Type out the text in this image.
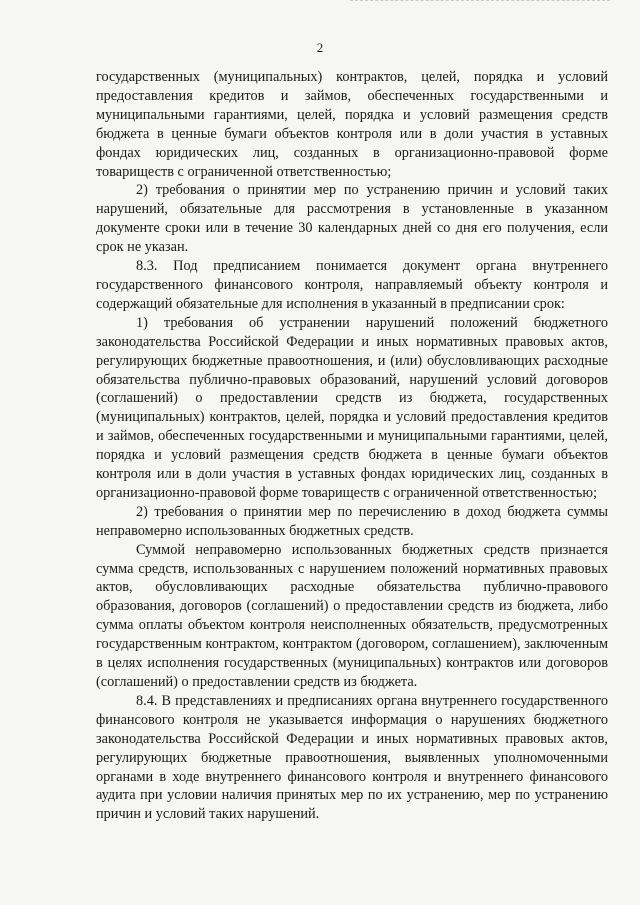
2

государственных (муниципальных) контрактов, целей, порядка и условий предоставления кредитов и займов, обеспеченных государственными и муниципальными гарантиями, целей, порядка и условий размещения средств бюджета в ценные бумаги объектов контроля или в доли участия в уставных фондах юридических лиц, созданных в организационно-правовой форме товариществ с ограниченной ответственностью;

2) требования о принятии мер по устранению причин и условий таких нарушений, обязательные для рассмотрения в установленные в указанном документе сроки или в течение 30 календарных дней со дня его получения, если срок не указан.

8.3. Под предписанием понимается документ органа внутреннего государственного финансового контроля, направляемый объекту контроля и содержащий обязательные для исполнения в указанный в предписании срок:

1) требования об устранении нарушений положений бюджетного законодательства Российской Федерации и иных нормативных правовых актов, регулирующих бюджетные правоотношения, и (или) обусловливающих расходные обязательства публично-правовых образований, нарушений условий договоров (соглашений) о предоставлении средств из бюджета, государственных (муниципальных) контрактов, целей, порядка и условий предоставления кредитов и займов, обеспеченных государственными и муниципальными гарантиями, целей, порядка и условий размещения средств бюджета в ценные бумаги объектов контроля или в доли участия в уставных фондах юридических лиц, созданных в организационно-правовой форме товариществ с ограниченной ответственностью;

2) требования о принятии мер по перечислению в доход бюджета суммы неправомерно использованных бюджетных средств.

Суммой неправомерно использованных бюджетных средств признается сумма средств, использованных с нарушением положений нормативных правовых актов, обусловливающих расходные обязательства публично-правового образования, договоров (соглашений) о предоставлении средств из бюджета, либо сумма оплаты объектом контроля неисполненных обязательств, предусмотренных государственным контрактом, контрактом (договором, соглашением), заключенным в целях исполнения государственных (муниципальных) контрактов или договоров (соглашений) о предоставлении средств из бюджета.

8.4. В представлениях и предписаниях органа внутреннего государственного финансового контроля не указывается информация о нарушениях бюджетного законодательства Российской Федерации и иных нормативных правовых актов, регулирующих бюджетные правоотношения, выявленных уполномоченными органами в ходе внутреннего финансового контроля и внутреннего финансового аудита при условии наличия принятых мер по их устранению, мер по устранению причин и условий таких нарушений.
